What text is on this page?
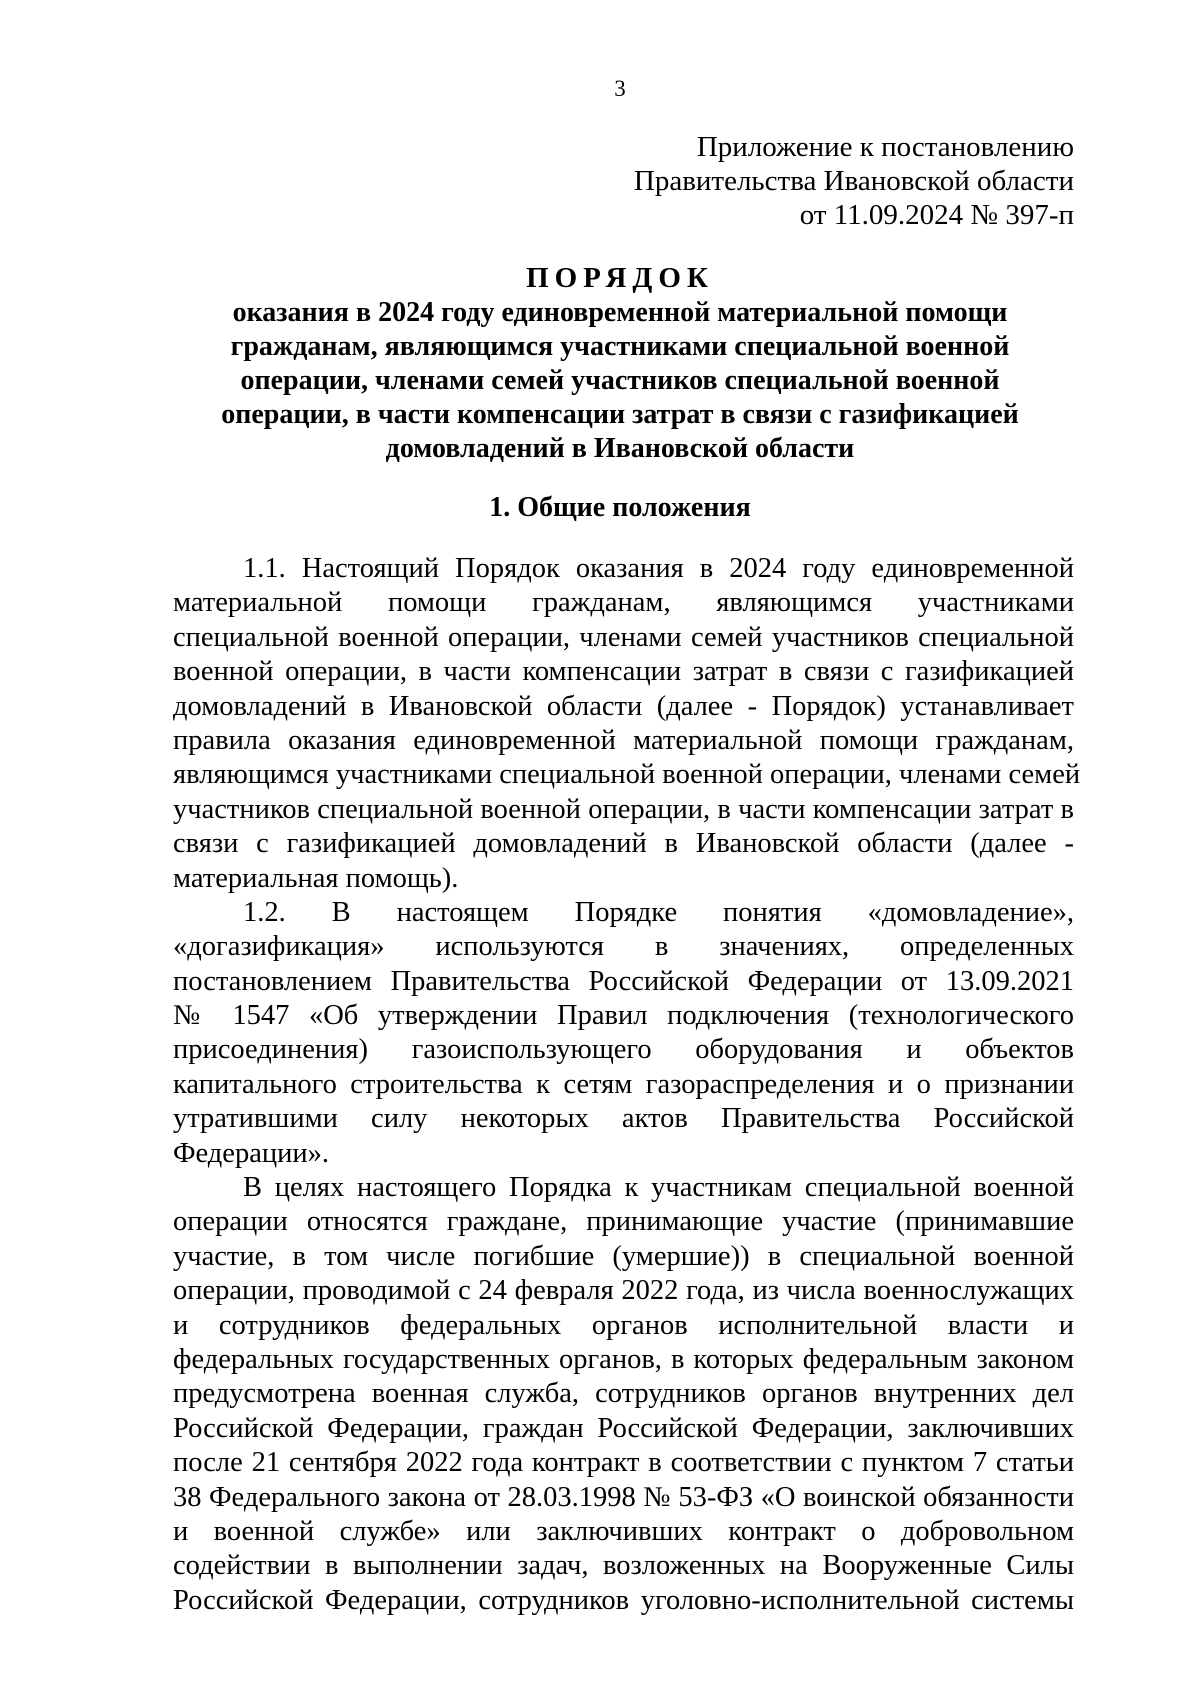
3
Приложение к постановлению
Правительства Ивановской области
от 11.09.2024 № 397-п
ПОРЯДОК
оказания в 2024 году единовременной материальной помощи
гражданам, являющимся участниками специальной военной
операции, членами семей участников специальной военной
операции, в части компенсации затрат в связи с газификацией
домовладений в Ивановской области
1. Общие положения
1.1. Настоящий Порядок оказания в 2024 году единовременной
материальной помощи гражданам, являющимся участниками
специальной военной операции, членами семей участников специальной
военной операции, в части компенсации затрат в связи с газификацией
домовладений в Ивановской области (далее - Порядок) устанавливает
правила оказания единовременной материальной помощи гражданам,
являющимся участниками специальной военной операции, членами семей
участников специальной военной операции, в части компенсации затрат в
связи с газификацией домовладений в Ивановской области (далее -
материальная помощь).
1.2. В настоящем Порядке понятия «домовладение»,
«догазификация» используются в значениях, определенных
постановлением Правительства Российской Федерации от 13.09.2021
№ 1547 «Об утверждении Правил подключения (технологического
присоединения) газоиспользующего оборудования и объектов
капитального строительства к сетям газораспределения и о признании
утратившими силу некоторых актов Правительства Российской
Федерации».
В целях настоящего Порядка к участникам специальной военной
операции относятся граждане, принимающие участие (принимавшие
участие, в том числе погибшие (умершие)) в специальной военной
операции, проводимой с 24 февраля 2022 года, из числа военнослужащих
и сотрудников федеральных органов исполнительной власти и
федеральных государственных органов, в которых федеральным законом
предусмотрена военная служба, сотрудников органов внутренних дел
Российской Федерации, граждан Российской Федерации, заключивших
после 21 сентября 2022 года контракт в соответствии с пунктом 7 статьи
38 Федерального закона от 28.03.1998 № 53-ФЗ «О воинской обязанности
и военной службе» или заключивших контракт о добровольном
содействии в выполнении задач, возложенных на Вооруженные Силы
Российской Федерации, сотрудников уголовно-исполнительной системы
